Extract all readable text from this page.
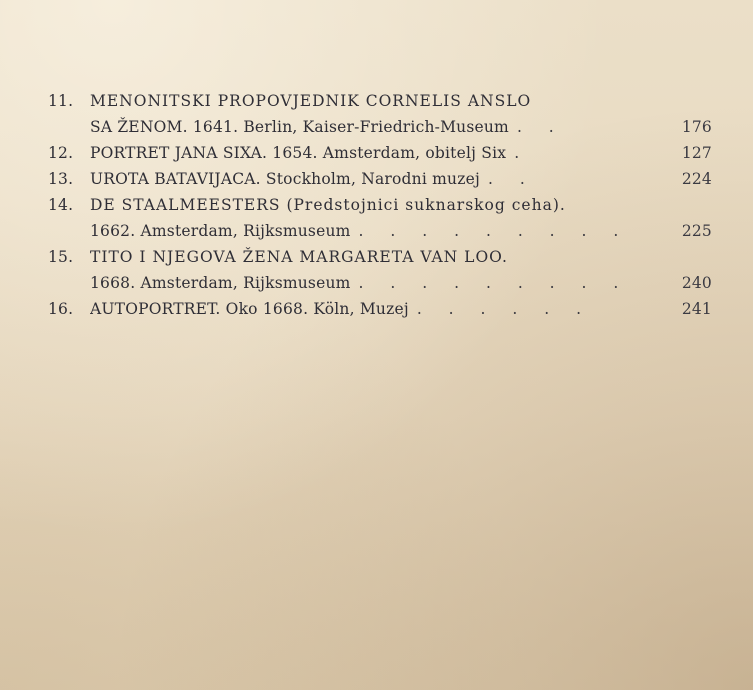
11.	MENONITSKI PROPOVJEDNIK CORNELIS ANSLO
SA ŽENOM. 1641. Berlin, Kaiser-Friedrich-Museum . .	176
12.	PORTRET JANA SIXA. 1654. Amsterdam, obitelj Six .	127
13.	UROTA BATAVIJACA. Stockholm, Narodni muzej . .	224
14.	DE STAALMEESTERS (Predstojnici suknarskog ceha).
1662. Amsterdam, Rijksmuseum . . . . . . . . .	225
15.	TITO I NJEGOVA ŽENA MARGARETA VAN LOO.
1668. Amsterdam, Rijksmuseum . . . . . . . . .	240
16.	AUTOPORTRET. Oko 1668. Köln, Muzej . . . . . .	241
